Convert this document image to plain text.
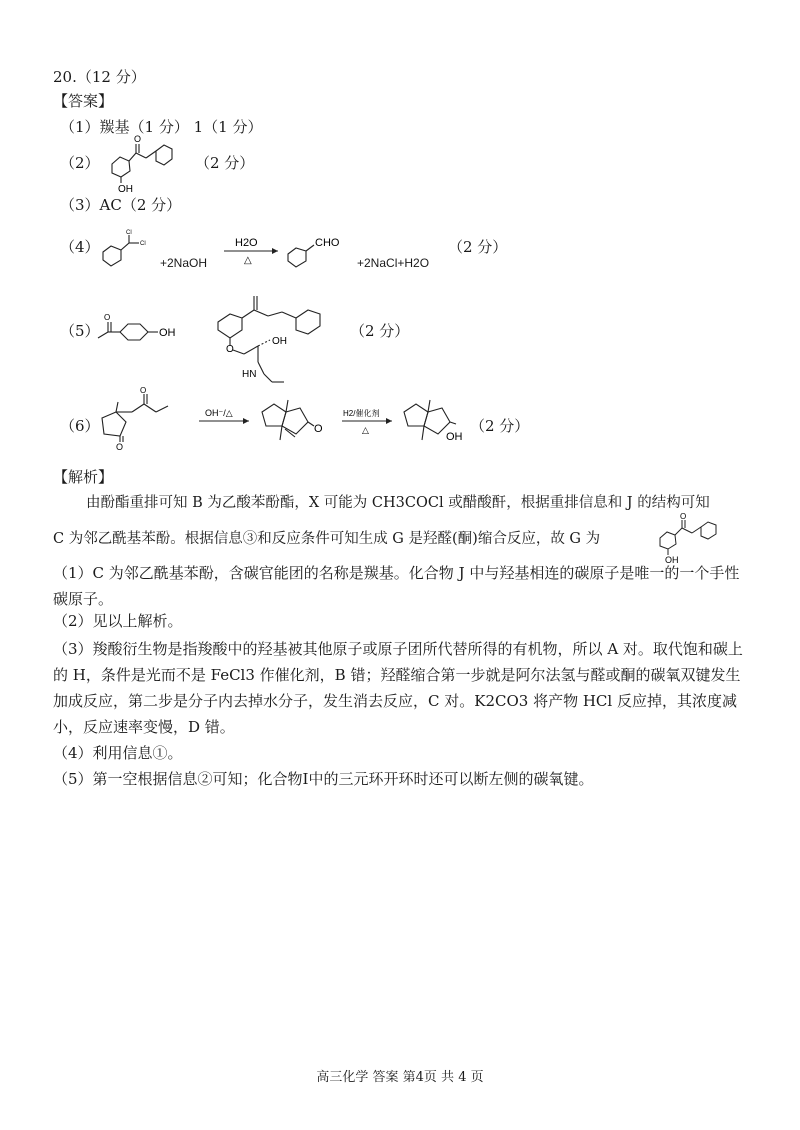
20.（12 分）
【答案】
（1）羰基（1 分） 1（1 分）
（2）
O
OH
（2 分）
（3）AC（2 分）
（4）
Cl
Cl
+2NaOH
H2O
△
CHO
+2NaCl+H2O
（2 分）
（5）
O
OH
O
OH
HN
（2 分）
（6）
O
O
OH⁻/△
O
H2/催化剂
△
OH
（2 分）
【解析】
由酚酯重排可知 B 为乙酸苯酚酯，X 可能为 CH3COCl 或醋酸酐，根据重排信息和 J 的结构可知
C 为邻乙酰基苯酚。根据信息③和反应条件可知生成 G 是羟醛(酮)缩合反应，故 G 为
O
OH
（1）C 为邻乙酰基苯酚，含碳官能团的名称是羰基。化合物 J 中与羟基相连的碳原子是唯一的一个手性碳原子。
（2）见以上解析。
（3）羧酸衍生物是指羧酸中的羟基被其他原子或原子团所代替所得的有机物，所以 A 对。取代饱和碳上的 H，条件是光而不是 FeCl3 作催化剂，B 错；羟醛缩合第一步就是阿尔法氢与醛或酮的碳氧双键发生加成反应，第二步是分子内去掉水分子，发生消去反应，C 对。K2CO3 将产物 HCl 反应掉，其浓度减小，反应速率变慢，D 错。
（4）利用信息①。
（5）第一空根据信息②可知；化合物I中的三元环开环时还可以断左侧的碳氧键。
高三化学 答案 第4页 共 4 页
